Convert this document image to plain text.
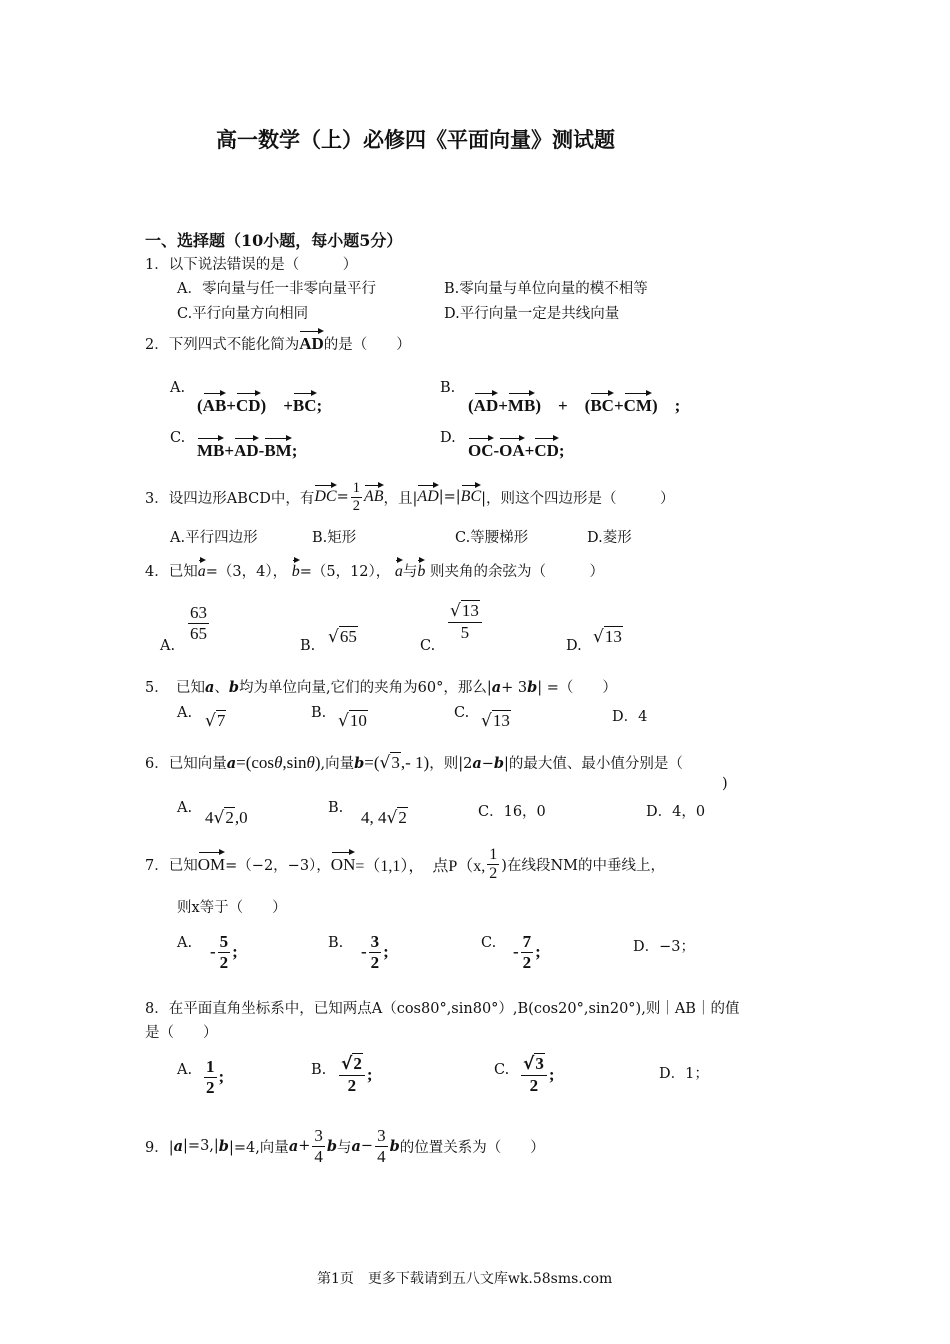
高一数学（上）必修四《平面向量》测试题
一、选择题（10小题，每小题5分）
1．以下说法错误的是（　　　）
A．零向量与任一非零向量平行	B.零向量与单位向量的模不相等
C.平行向量方向相同	D.平行向量一定是共线向量
2．下列四式不能化简为AD的是（　　）
A.
(AB+CD)　+BC;
B.
(AD+MB)　+　(BC+CM)　;
C.
MB+AD-BM;
D.
OC-OA+CD;
3．设四边形ABCD中，有 DC = $\frac{1}{2}$ AB ，且| AD |=| BC |，则这个四边形是（　　　）
A.平行四边形	B.矩形	C.等腰梯形	D.菱形
4．已知a=（3，4）， b=（5，12）， a与b 则夹角的余弦为（　　　）
A.
$\frac{63}{65}$
B. √65	C.
$\frac{√13}{5}$
D. √13
5．　已知a、b均为单位向量,它们的夹角为60°，那么|a+ 3b| =（　　）
A. √7	B. √10	C. √13	D．4
6．已知向量a=(cosθ,sinθ),向量b=(√3,- 1)，则|2a−b|的最大值、最小值分别是（
)
A. 4√2,0	B. 4, 4√2	C．16，0	D．4，0
7．已知 OM =（−2，−3）， ON =（1,1），　点P（x, $\frac{1}{2}$ )在线段NM的中垂线上，
则x等于（　　）
A. - $\frac{5}{2}$ ;	B. - $\frac{3}{2}$ ;	C. - $\frac{7}{2}$ ;	D．−3；
8．在平面直角坐标系中，已知两点A（cos80°,sin80°）,B(cos20°,sin20°),则｜AB｜的值
是（　　）
A. $\frac{1}{2}$ ;	B. $\frac{√2}{2}$ ;	C. $\frac{√3}{2}$ ;	D．1；
9．| a |=3,| b |=4,向量 $a + \frac{3}{4}$ b 与 $a - \frac{3}{4}$ b 的位置关系为（　　）
第1页　更多下载请到五八文库wk.58sms.com
